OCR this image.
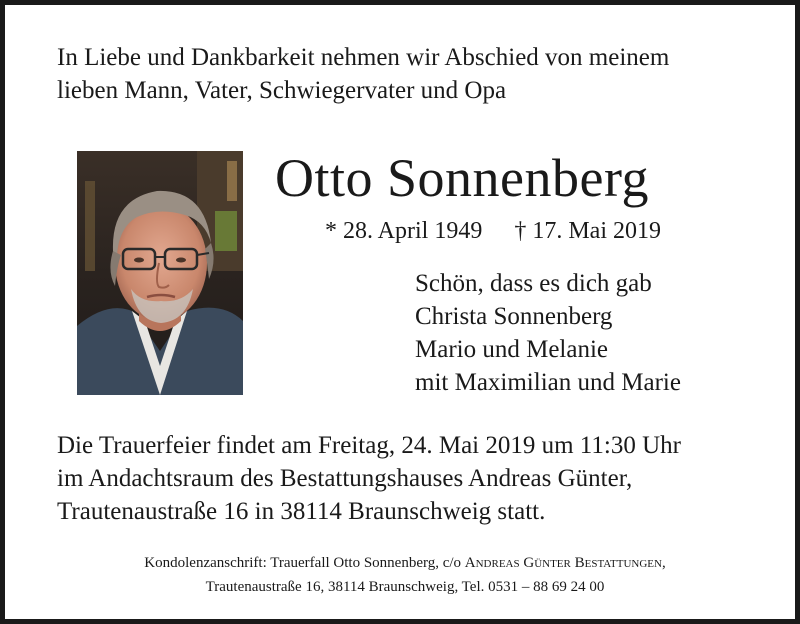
In Liebe und Dankbarkeit nehmen wir Abschied von meinem
lieben Mann, Vater, Schwiegervater und Opa
Otto Sonnenberg
* 28. April 1949 † 17. Mai 2019
Schön, dass es dich gab
Christa Sonnenberg
Mario und Melanie
mit Maximilian und Marie
Die Trauerfeier findet am Freitag, 24. Mai 2019 um 11:30 Uhr
im Andachtsraum des Bestattungshauses Andreas Günter,
Trautenaustraße 16 in 38114 Braunschweig statt.
Kondolenzanschrift: Trauerfall Otto Sonnenberg, c/o Andreas Günter Bestattungen,
Trautenaustraße 16, 38114 Braunschweig, Tel. 0531 – 88 69 24 00
